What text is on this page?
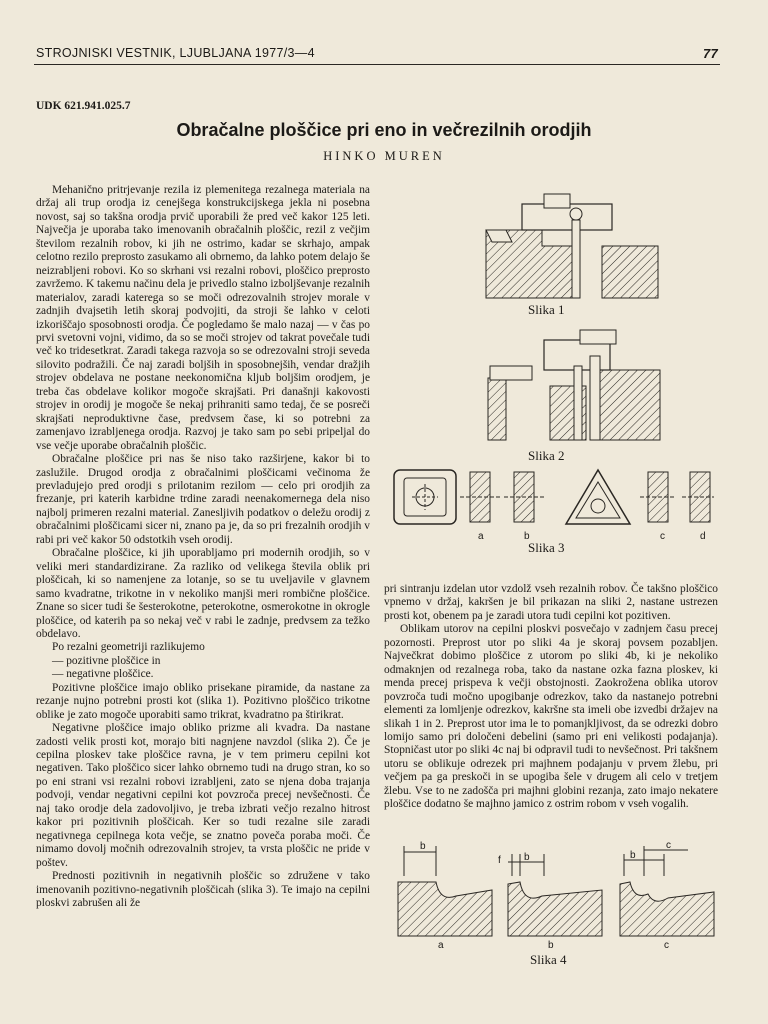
STROJNISKI VESTNIK, LJUBLJANA 1977/3—4	77
UDK 621.941.025.7
Obračalne ploščice pri eno in večrezilnih orodjih
HINKO MUREN

Mehanično pritrjevanje rezila iz plemenitega rezalnega materiala na držaj ali trup orodja iz cenejšega konstrukcijskega jekla ni posebna novost, saj so takšna orodja prvič uporabili že pred več kakor 125 leti. Največja je uporaba tako imenovanih obračalnih ploščic, rezil z večjim številom rezalnih robov, ki jih ne ostrimo, kadar se skrhajo, ampak celotno rezilo preprosto zasukamo ali obrnemo, da lahko potem delajo še neizrabljeni robovi. Ko so skrhani vsi rezalni robovi, ploščico preprosto zavržemo. K takemu načinu dela je privedlo stalno izboljševanje rezalnih materialov, zaradi katerega so se moči odrezovalnih strojev morale v zadnjih dvajsetih letih skoraj podvojiti, da stroji še lahko v celoti izkoriščajo sposobnosti orodja. Če pogledamo še malo nazaj — v čas po prvi svetovni vojni, vidimo, da so se moči strojev od takrat povečale tudi več ko tridesetkrat. Zaradi takega razvoja so se odrezovalni stroji seveda silovito podražili. Če naj zaradi boljših in sposobnejših, vendar dražjih strojev obdelava ne postane neekonomična kljub boljšim orodjem, je treba čas obdelave kolikor mogoče skrajšati. Pri današnji kakovosti strojev in orodij je mogoče še nekaj prihraniti samo tedaj, če se posreči skrajšati neproduktivne čase, predvsem čase, ki so potrebni za zamenjavo izrabljenega orodja. Razvoj je tako sam po sebi pripeljal do vse večje uporabe obračalnih ploščic.

Obračalne ploščice pri nas še niso tako razširjene, kakor bi to zaslužile. Drugod orodja z obračalnimi ploščicami večinoma že prevladujejo pred orodji s prilotanim rezilom — celo pri orodjih za frezanje, pri katerih karbidne trdine zaradi neenakomernega dela niso najbolj primeren rezalni material. Zanesljivih podatkov o deležu orodij z obračalnimi ploščicami sicer ni, znano pa je, da so pri frezalnih orodjih v rabi pri več kakor 50 odstotkih vseh orodij.

Obračalne ploščice, ki jih uporabljamo pri modernih orodjih, so v veliki meri standardizirane. Za razliko od velikega števila oblik pri ploščicah, ki so namenjene za lotanje, so se tu uveljavile v glavnem samo kvadratne, trikotne in v nekoliko manjši meri rombične ploščice. Znane so sicer tudi še šesterokotne, peterokotne, osmerokotne in okrogle ploščice, od katerih pa so nekaj več v rabi le zadnje, predvsem za težko obdelavo.

Po rezalni geometriji razlikujemo

— pozitivne ploščice in

— negativne ploščice.

Pozitivne ploščice imajo obliko prisekane piramide, da nastane za rezanje nujno potrebni prosti kot (slika 1). Pozitivno ploščico trikotne oblike je zato mogoče uporabiti samo trikrat, kvadratno pa štirikrat.

Negativne ploščice imajo obliko prizme ali kvadra. Da nastane zadosti velik prosti kot, morajo biti nagnjene navzdol (slika 2). Če je cepilna ploskev take ploščice ravna, je v tem primeru cepilni kot negativen. Tako ploščico sicer lahko obrnemo tudi na drugo stran, ko so po eni strani vsi rezalni robovi izrabljeni, zato se njena doba trajanja podvoji, vendar negativni cepilni kot povzroča precej nevšečnosti. Če naj tako orodje dela zadovoljivo, je treba izbrati večjo rezalno hitrost kakor pri pozitivnih ploščicah. Ker so tudi rezalne sile zaradi negativnega cepilnega kota večje, se znatno poveča poraba moči. Če nimamo dovolj močnih odrezovalnih strojev, ta vrsta ploščic ne pride v poštev.

Prednosti pozitivnih in negativnih ploščic so združene v tako imenovanih pozitivno-negativnih ploščicah (slika 3). Te imajo na cepilni ploskvi zabrušen ali že

pri sintranju izdelan utor vzdolž vseh rezalnih robov. Če takšno ploščico vpnemo v držaj, kakršen je bil prikazan na sliki 2, nastane ustrezen prosti kot, obenem pa je zaradi utora tudi cepilni kot pozitiven.

Oblikam utorov na cepilni ploskvi posvečajo v zadnjem času precej pozornosti. Preprost utor po sliki 4a je skoraj povsem pozabljen. Največkrat dobimo ploščice z utorom po sliki 4b, ki je nekoliko odmaknjen od rezalnega roba, tako da nastane ozka fazna ploskev, ki menda precej prispeva k večji obstojnosti. Zaokrožena oblika utorov povzroča tudi močno upogibanje odrezkov, tako da nastanejo potrebni elementi za lomljenje odrezkov, kakršne sta imeli obe izvedbi držajev na slikah 1 in 2. Preprost utor ima le to pomanjkljivost, da se odrezki dobro lomijo samo pri določeni debelini (samo pri eni velikosti podajanja). Stopničast utor po sliki 4c naj bi odpravil tudi to nevšečnost. Pri takšnem utoru se oblikuje odrezek pri majhnem podajanju v prvem žlebu, pri večjem pa ga preskoči in se upogiba šele v drugem ali celo v tretjem žlebu. Vse to ne zadošča pri majhni globini rezanja, zato imajo nekatere ploščice dodatno še majhno jamico z ostrim robom v vseh vogalih.

Slika 1
Slika 2
a	b	c	d
Slika 3
b
f b	b
c
a	b	c
Slika 4
